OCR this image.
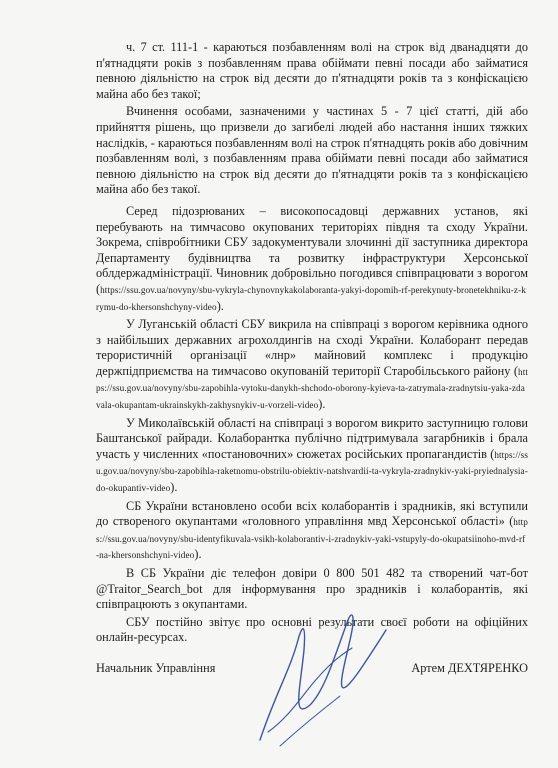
ч. 7 ст. 111-1 - караються позбавленням волі на строк від дванадцяти до п'ятнадцяти років з позбавленням права обіймати певні посади або займатися певною діяльністю на строк від десяти до п'ятнадцяти років та з конфіскацією майна або без такої;

Вчинення особами, зазначеними у частинах 5 - 7 цієї статті, дій або прийняття рішень, що призвели до загибелі людей або настання інших тяжких наслідків, - караються позбавленням волі на строк п'ятнадцять років або довічним позбавленням волі, з позбавленням права обіймати певні посади або займатися певною діяльністю на строк від десяти до п'ятнадцяти років та з конфіскацією майна або без такої.

Серед підозрюваних – високопосадовці державних установ, які перебувають на тимчасово окупованих територіях півдня та сходу України. Зокрема, співробітники СБУ задокументували злочинні дії заступника директора Департаменту будівництва та розвитку інфраструктури Херсонської облдержадміністрації. Чиновник добровільно погодився співпрацювати з ворогом (https://ssu.gov.ua/novyny/sbu-vykryla-chynovnykakolaboranta-yakyi-dopomih-rf-perekynuty-bronetekhniku-z-krymu-do-khersonshchyny-video).

У Луганській області СБУ викрила на співпраці з ворогом керівника одного з найбільших державних агрохолдингів на сході України. Колаборант передав терористичній організації «лнр» майновий комплекс і продукцію держпідприємства на тимчасово окупованій території Старобільського району (https://ssu.gov.ua/novyny/sbu-zapobihla-vytoku-danykh-shchodo-oborony-kyieva-ta-zatrymala-zradnytsiu-yaka-zdavala-okupantam-ukrainskykh-zakhysnykiv-u-vorzeli-video).

У Миколаївській області на співпраці з ворогом викрито заступницю голови Баштанської райради. Колаборантка публічно підтримувала загарбників і брала участь у численних «постановочних» сюжетах російських пропагандистів (https://ssu.gov.ua/novyny/sbu-zapobihla-raketnomu-obstrilu-obiektiv-natshvardii-ta-vykryla-zradnykiv-yaki-pryiednalysia-do-okupantiv-video).

СБ України встановлено особи всіх колаборантів і зрадників, які вступили до створеного окупантами «головного управління мвд Херсонської області» (https://ssu.gov.ua/novyny/sbu-identyfikuvala-vsikh-kolaborantiv-i-zradnykiv-yaki-vstupyly-do-okupatsiinoho-mvd-rf-na-khersonshchyni-video).

В СБ України діє телефон довіри 0 800 501 482 та створений чат-бот @Traitor_Search_bot для інформування про зрадників і колаборантів, які співпрацюють з окупантами.

СБУ постійно звітує про основні результати своєї роботи на офіційних онлайн-ресурсах.

Начальник Управління	Артем ДЕХТЯРЕНКО
